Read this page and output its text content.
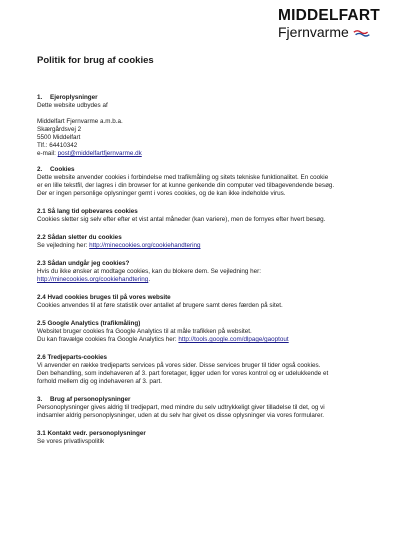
MIDDELFART
Fjernvarme
Politik for brug af cookies
1. Ejeroplysninger
Dette website udbydes af
Middelfart Fjernvarme a.m.b.a.
Skærgårdsvej 2
5500 Middelfart
Tlf.: 64410342
e-mail: post@middelfartfjernvarme.dk
2. Cookies
Dette website anvender cookies i forbindelse med trafikmåling og sitets tekniske funktionalitet. En cookie
er en lille tekstfil, der lagres i din browser for at kunne genkende din computer ved tilbagevendende besøg.
Der er ingen personlige oplysninger gemt i vores cookies, og de kan ikke indeholde virus.
2.1 Så lang tid opbevares cookies
Cookies sletter sig selv efter efter et vist antal måneder (kan variere), men de fornyes efter hvert besøg.
2.2 Sådan sletter du cookies
Se vejledning her: http://minecookies.org/cookiehandtering
2.3 Sådan undgår jeg cookies?
Hvis du ikke ønsker at modtage cookies, kan du blokere dem. Se vejledning her:
http://minecookies.org/cookiehandtering.
2.4 Hvad cookies bruges til på vores website
Cookies anvendes til at føre statistik over antallet af brugere samt deres færden på sitet.
2.5 Google Analytics (trafikmåling)
Websitet bruger cookies fra Google Analytics til at måle trafikken på websitet.
Du kan fravælge cookies fra Google Analytics her: http://tools.google.com/dlpage/gaoptout
2.6 Tredjeparts-cookies
Vi anvender en række tredjeparts services på vores sider. Disse services bruger til tider også cookies.
Den behandling, som indehaveren af 3. part foretager, ligger uden for vores kontrol og er udelukkende et
forhold mellem dig og indehaveren af 3. part.
3. Brug af personoplysninger
Personoplysninger gives aldrig til tredjepart, med mindre du selv udtrykkeligt giver tilladelse til det, og vi
indsamler aldrig personoplysninger, uden at du selv har givet os disse oplysninger via vores formularer.
3.1 Kontakt vedr. personoplysninger
Se vores privatlivspolitik
